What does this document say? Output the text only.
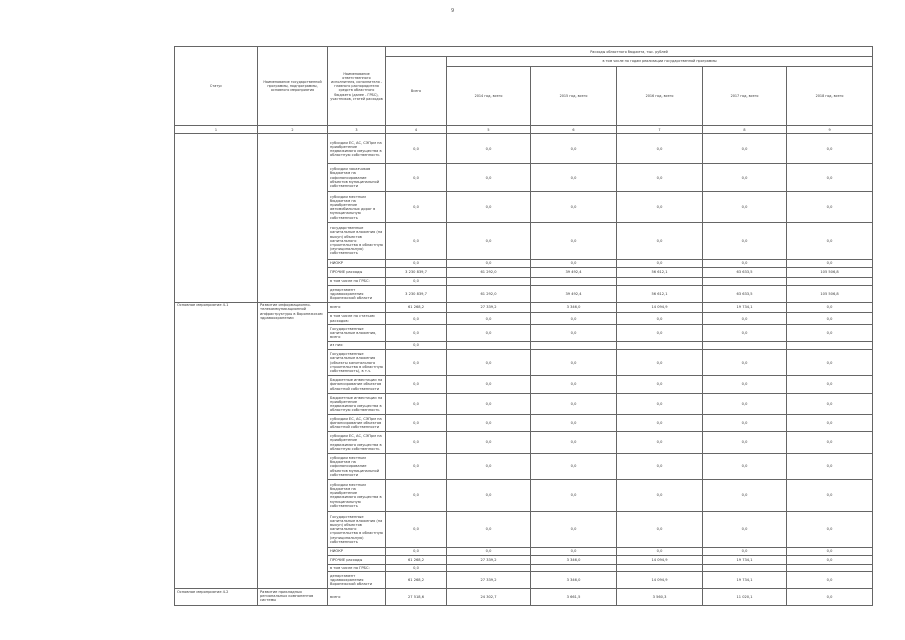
9
Статус	Наименование государственной программы, подпрограммы, основного мероприятия	Наименование ответственного исполнителя, исполнителя - главного распорядителя средств областного бюджета (далее - ГРБС), участников, статей расходов	Расходы областного бюджета, тыс. рублей					
			Всего	в том числе по годам реализации государственной программы				
				2014 год, всего	2015 год, всего	2016 год, всего	2017 год, всего	2018 год, всего
1	2	3	4	5	6	7	8	9
		субсидии ЕС, АС, СЭПрм на приобретение недвижимого имущества в областную собственность	0,0	0,0	0,0	0,0	0,0	0,0
		субсидии заказчиков бюджетам на софинансирование объектов муниципальной собственности	0,0	0,0	0,0	0,0	0,0	0,0
		субсидии местным бюджетам на приобретение автомобильных дорог в муниципальную собственность	0,0	0,0	0,0	0,0	0,0	0,0
		государственные капитальные вложения (на выкуп) объектов капитального строительства в областную (муниципальную) собственность	0,0	0,0	0,0	0,0	0,0	0,0
		НИОКР	0,0	0,0	0,0	0,0	0,0	0,0
		ПРОЧИЕ расходы	3 230 839,7	61 292,0	39 492,4	56 612,1	63 633,5	105 506,8
		в том числе по ГРБС:	0,0					
		департамент здравоохранения Воронежской области	3 230 839,7	61 292,0	39 492,4	56 612,1	63 633,5	105 506,8
Основное мероприятие 4.1	Развитие информационно-телекоммуникационной инфраструктуры в Воронежском здравоохранении	всего	61 268,2	27 339,2	3 346,0	14 094,9	19 734,1	0,0
		в том числе по статьям расходов:	0,0	0,0	0,0	0,0	0,0	0,0
		Государственные капитальные вложения, всего	0,0	0,0	0,0	0,0	0,0	0,0
		из них:	0,0					
		Государственные капитальные вложения (объекты капитального строительства в областную собственность), в т.ч.	0,0	0,0	0,0	0,0	0,0	0,0
		Бюджетные инвестиции на финансирование объектов областной собственности	0,0	0,0	0,0	0,0	0,0	0,0
		Бюджетные инвестиции на приобретение недвижимого имущества в областную собственность	0,0	0,0	0,0	0,0	0,0	0,0
		субсидии ЕС, АС, СЭПрм на финансирование объектов областной собственности	0,0	0,0	0,0	0,0	0,0	0,0
		субсидии ЕС, АС, СЭПрм на приобретение недвижимого имущества в областную собственность	0,0	0,0	0,0	0,0	0,0	0,0
		субсидии местным бюджетам на софинансирование объектов муниципальной собственности	0,0	0,0	0,0	0,0	0,0	0,0
		субсидии местным бюджетам на приобретение недвижимого имущества в муниципальную собственность	0,0	0,0	0,0	0,0	0,0	0,0
		Государственные капитальные вложения (на выкуп) объектов капитального строительства в областную (муниципальную) собственность	0,0	0,0	0,0	0,0	0,0	0,0
		НИОКР	0,0	0,0	0,0	0,0	0,0	0,0
		ПРОЧИЕ расходы	61 268,2	27 339,2	3 346,0	14 094,9	19 734,1	0,0
		в том числе по ГРБС:	0,0					
		департамент здравоохранения Воронежской области	61 268,2	27 339,2	3 346,0	14 094,9	19 734,1	0,0
Основное мероприятие 4.2	Развитие прикладных региональных компонентов системы	всего	27 518,6	24 302,7	3 661,5	3 560,3	11 020,1	0,0
